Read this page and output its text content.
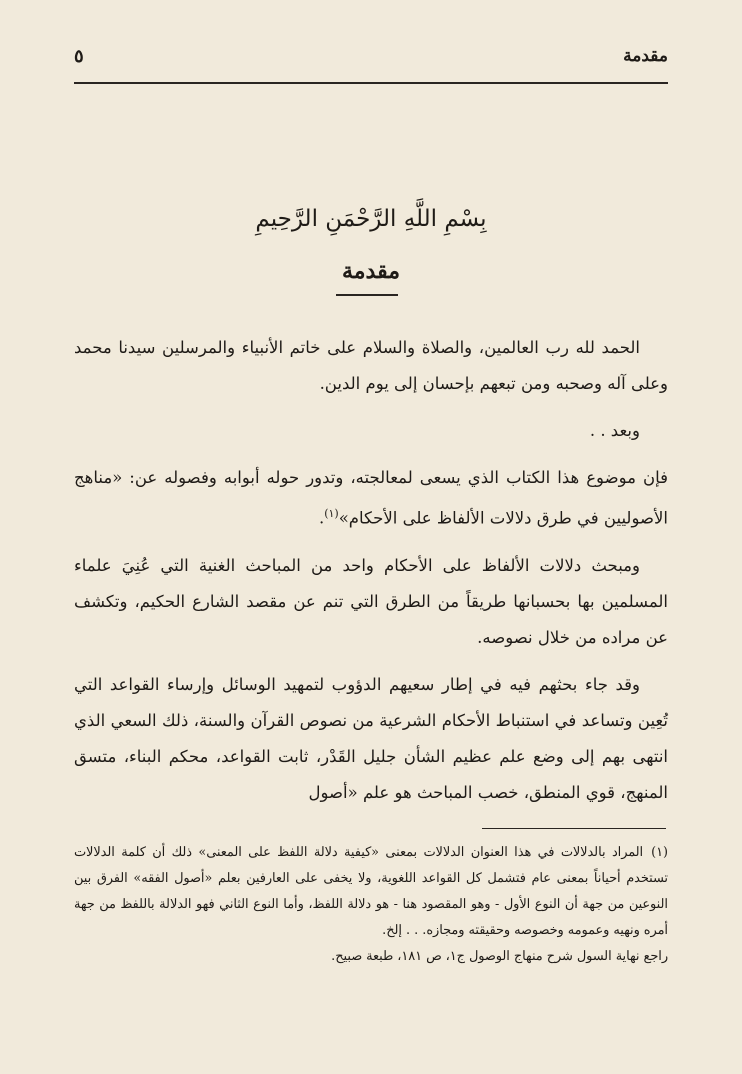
مقدمة
٥
بِسْمِ اللَّهِ الرَّحْمَنِ الرَّحِيمِ
مقدمة

الحمد لله رب العالمين، والصلاة والسلام على خاتم الأنبياء والمرسلين سيدنا محمد وعلى آله وصحبه ومن تبعهم بإحسان إلى يوم الدين.

وبعد . .

فإن موضوع هذا الكتاب الذي يسعى لمعالجته، وتدور حوله أبوابه وفصوله عن: «مناهج الأصوليين في طرق دلالات الألفاظ على الأحكام»$^{(١)}$.

ومبحث دلالات الألفاظ على الأحكام واحد من المباحث الغنية التي عُنِيَ علماء المسلمين بها بحسبانها طريقاً من الطرق التي تنم عن مقصد الشارع الحكيم، وتكشف عن مراده من خلال نصوصه.

وقد جاء بحثهم فيه في إطار سعيهم الدؤوب لتمهيد الوسائل وإرساء القواعد التي تُعِين وتساعد في استنباط الأحكام الشرعية من نصوص القرآن والسنة، ذلك السعي الذي انتهى بهم إلى وضع علم عظيم الشأن جليل القَدْر، ثابت القواعد، محكم البناء، متسق المنهج، قوي المنطق، خصب المباحث هو علم «أصول

(١)المراد بالدلالات في هذا العنوان الدلالات بمعنى «كيفية دلالة اللفظ على المعنى» ذلك أن كلمة الدلالات تستخدم أحياناً بمعنى عام فتشمل كل القواعد اللغوية، ولا يخفى على العارفين بعلم «أصول الفقه» الفرق بين النوعين من جهة أن النوع الأول - وهو المقصود هنا - هو دلالة اللفظ، وأما النوع الثاني فهو الدلالة باللفظ من جهة أمره ونهيه وعمومه وخصوصه وحقيقته ومجازه. . . إلخ.

راجع نهاية السول شرح منهاج الوصول ج١، ص ١٨١، طبعة صبيح.
